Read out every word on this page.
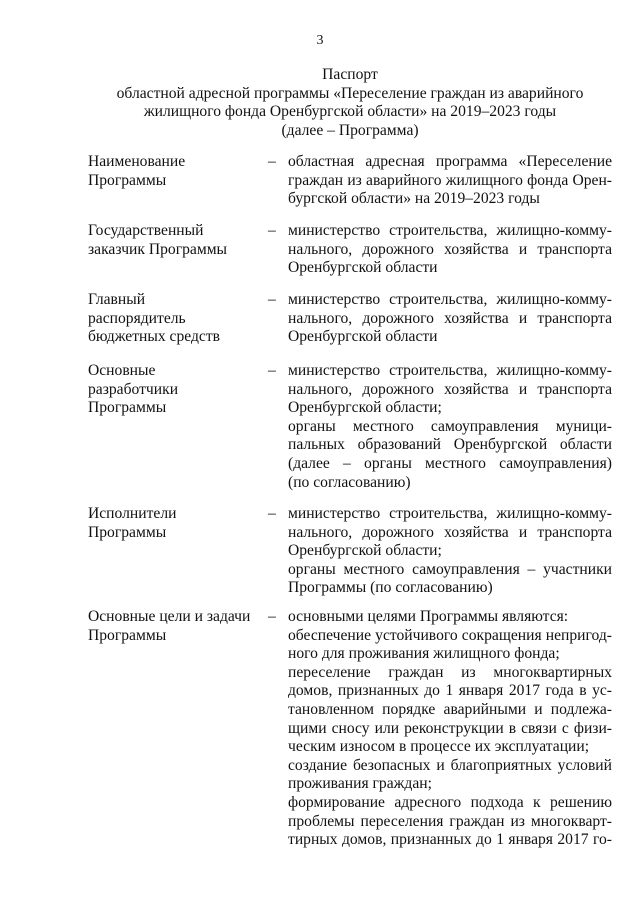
3
Паспорт
областной адресной программы «Переселение граждан из аварийного
жилищного фонда Оренбургской области» на 2019–2023 годы
(далее – Программа)
Наименование
Программы
– областная адресная программа «Переселение
граждан из аварийного жилищного фонда Орен-
бургской области» на 2019–2023 годы
Государственный
заказчик Программы
– министерство строительства, жилищно-комму-
нального, дорожного хозяйства и транспорта
Оренбургской области
Главный
распорядитель
бюджетных средств
– министерство строительства, жилищно-комму-
нального, дорожного хозяйства и транспорта
Оренбургской области
Основные
разработчики
Программы
– министерство строительства, жилищно-комму-
нального, дорожного хозяйства и транспорта
Оренбургской области;
органы местного самоуправления муници-
пальных образований Оренбургской области
(далее – органы местного самоуправления)
(по согласованию)
Исполнители
Программы
– министерство строительства, жилищно-комму-
нального, дорожного хозяйства и транспорта
Оренбургской области;
органы местного самоуправления – участники
Программы (по согласованию)
Основные цели и задачи
Программы
– основными целями Программы являются:
обеспечение устойчивого сокращения непригод-
ного для проживания жилищного фонда;
переселение граждан из многоквартирных
домов, признанных до 1 января 2017 года в ус-
тановленном порядке аварийными и подлежа-
щими сносу или реконструкции в связи с физи-
ческим износом в процессе их эксплуатации;
создание безопасных и благоприятных условий
проживания граждан;
формирование адресного подхода к решению
проблемы переселения граждан из многокварт-
тирных домов, признанных до 1 января 2017 го-
